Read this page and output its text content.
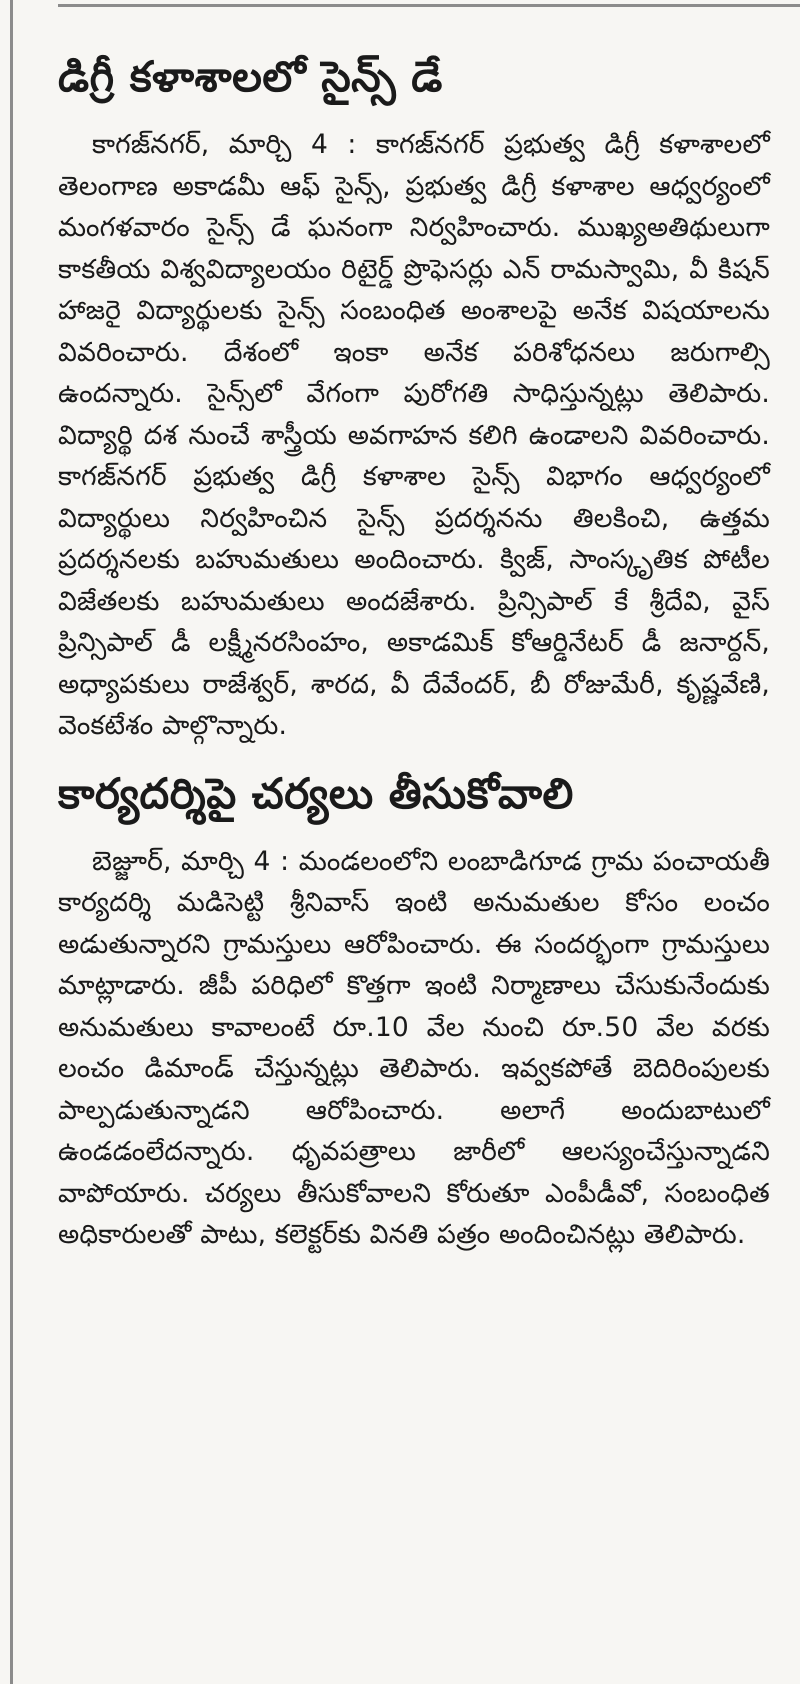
డిగ్రీ కళాశాలలో సైన్స్ డే

కాగజ్‌నగర్, మార్చి 4 : కాగజ్‌నగర్ ప్రభుత్వ డిగ్రీ కళాశాలలో తెలంగాణ అకాడమీ ఆఫ్ సైన్స్, ప్రభుత్వ డిగ్రీ కళాశాల ఆధ్వర్యంలో మంగళవారం సైన్స్ డే ఘనంగా నిర్వహించారు. ముఖ్యఅతిథులుగా కాకతీయ విశ్వవిద్యాలయం రిటైర్డ్ ప్రొఫెసర్లు ఎన్ రామస్వామి, వీ కిషన్ హాజరై విద్యార్థులకు సైన్స్ సంబంధిత అంశాలపై అనేక విషయాలను వివరించారు. దేశంలో ఇంకా అనేక పరిశోధనలు జరుగాల్సి ఉందన్నారు. సైన్స్‌లో వేగంగా పురోగతి సాధిస్తున్నట్లు తెలిపారు. విద్యార్థి దశ నుంచే శాస్త్రీయ అవగాహన కలిగి ఉండాలని వివరించారు. కాగజ్‌నగర్ ప్రభుత్వ డిగ్రీ కళాశాల సైన్స్ విభాగం ఆధ్వర్యంలో విద్యార్థులు నిర్వహించిన సైన్స్ ప్రదర్శనను తిలకించి, ఉత్తమ ప్రదర్శనలకు బహుమతులు అందించారు. క్విజ్, సాంస్కృతిక పోటీల విజేతలకు బహుమతులు అందజేశారు. ప్రిన్సిపాల్ కే శ్రీదేవి, వైస్ ప్రిన్సిపాల్ డీ లక్ష్మీనరసింహం, అకాడమిక్ కోఆర్డినేటర్ డీ జనార్దన్, అధ్యాపకులు రాజేశ్వర్, శారద, వీ దేవేందర్, బీ రోజుమేరీ, కృష్ణవేణి, వెంకటేశం పాల్గొన్నారు.

కార్యదర్శిపై చర్యలు తీసుకోవాలి

బెజ్జూర్, మార్చి 4 : మండలంలోని లంబాడిగూడ గ్రామ పంచాయతీ కార్యదర్శి మడిసెట్టి శ్రీనివాస్ ఇంటి అనుమతుల కోసం లంచం అడుతున్నారని గ్రామస్తులు ఆరోపించారు. ఈ సందర్భంగా గ్రామస్తులు మాట్లాడారు. జీపీ పరిధిలో కొత్తగా ఇంటి నిర్మాణాలు చేసుకునేందుకు అనుమతులు కావాలంటే రూ.10 వేల నుంచి రూ.50 వేల వరకు లంచం డిమాండ్ చేస్తున్నట్లు తెలిపారు. ఇవ్వకపోతే బెదిరింపులకు పాల్పడుతున్నాడని ఆరోపించారు. అలాగే అందుబాటులో ఉండడంలేదన్నారు. ధృవపత్రాలు జారీలో ఆలస్యంచేస్తున్నాడని వాపోయారు. చర్యలు తీసుకోవాలని కోరుతూ ఎంపీడీవో, సంబంధిత అధికారులతో పాటు, కలెక్టర్‌కు వినతి పత్రం అందించినట్లు తెలిపారు.
